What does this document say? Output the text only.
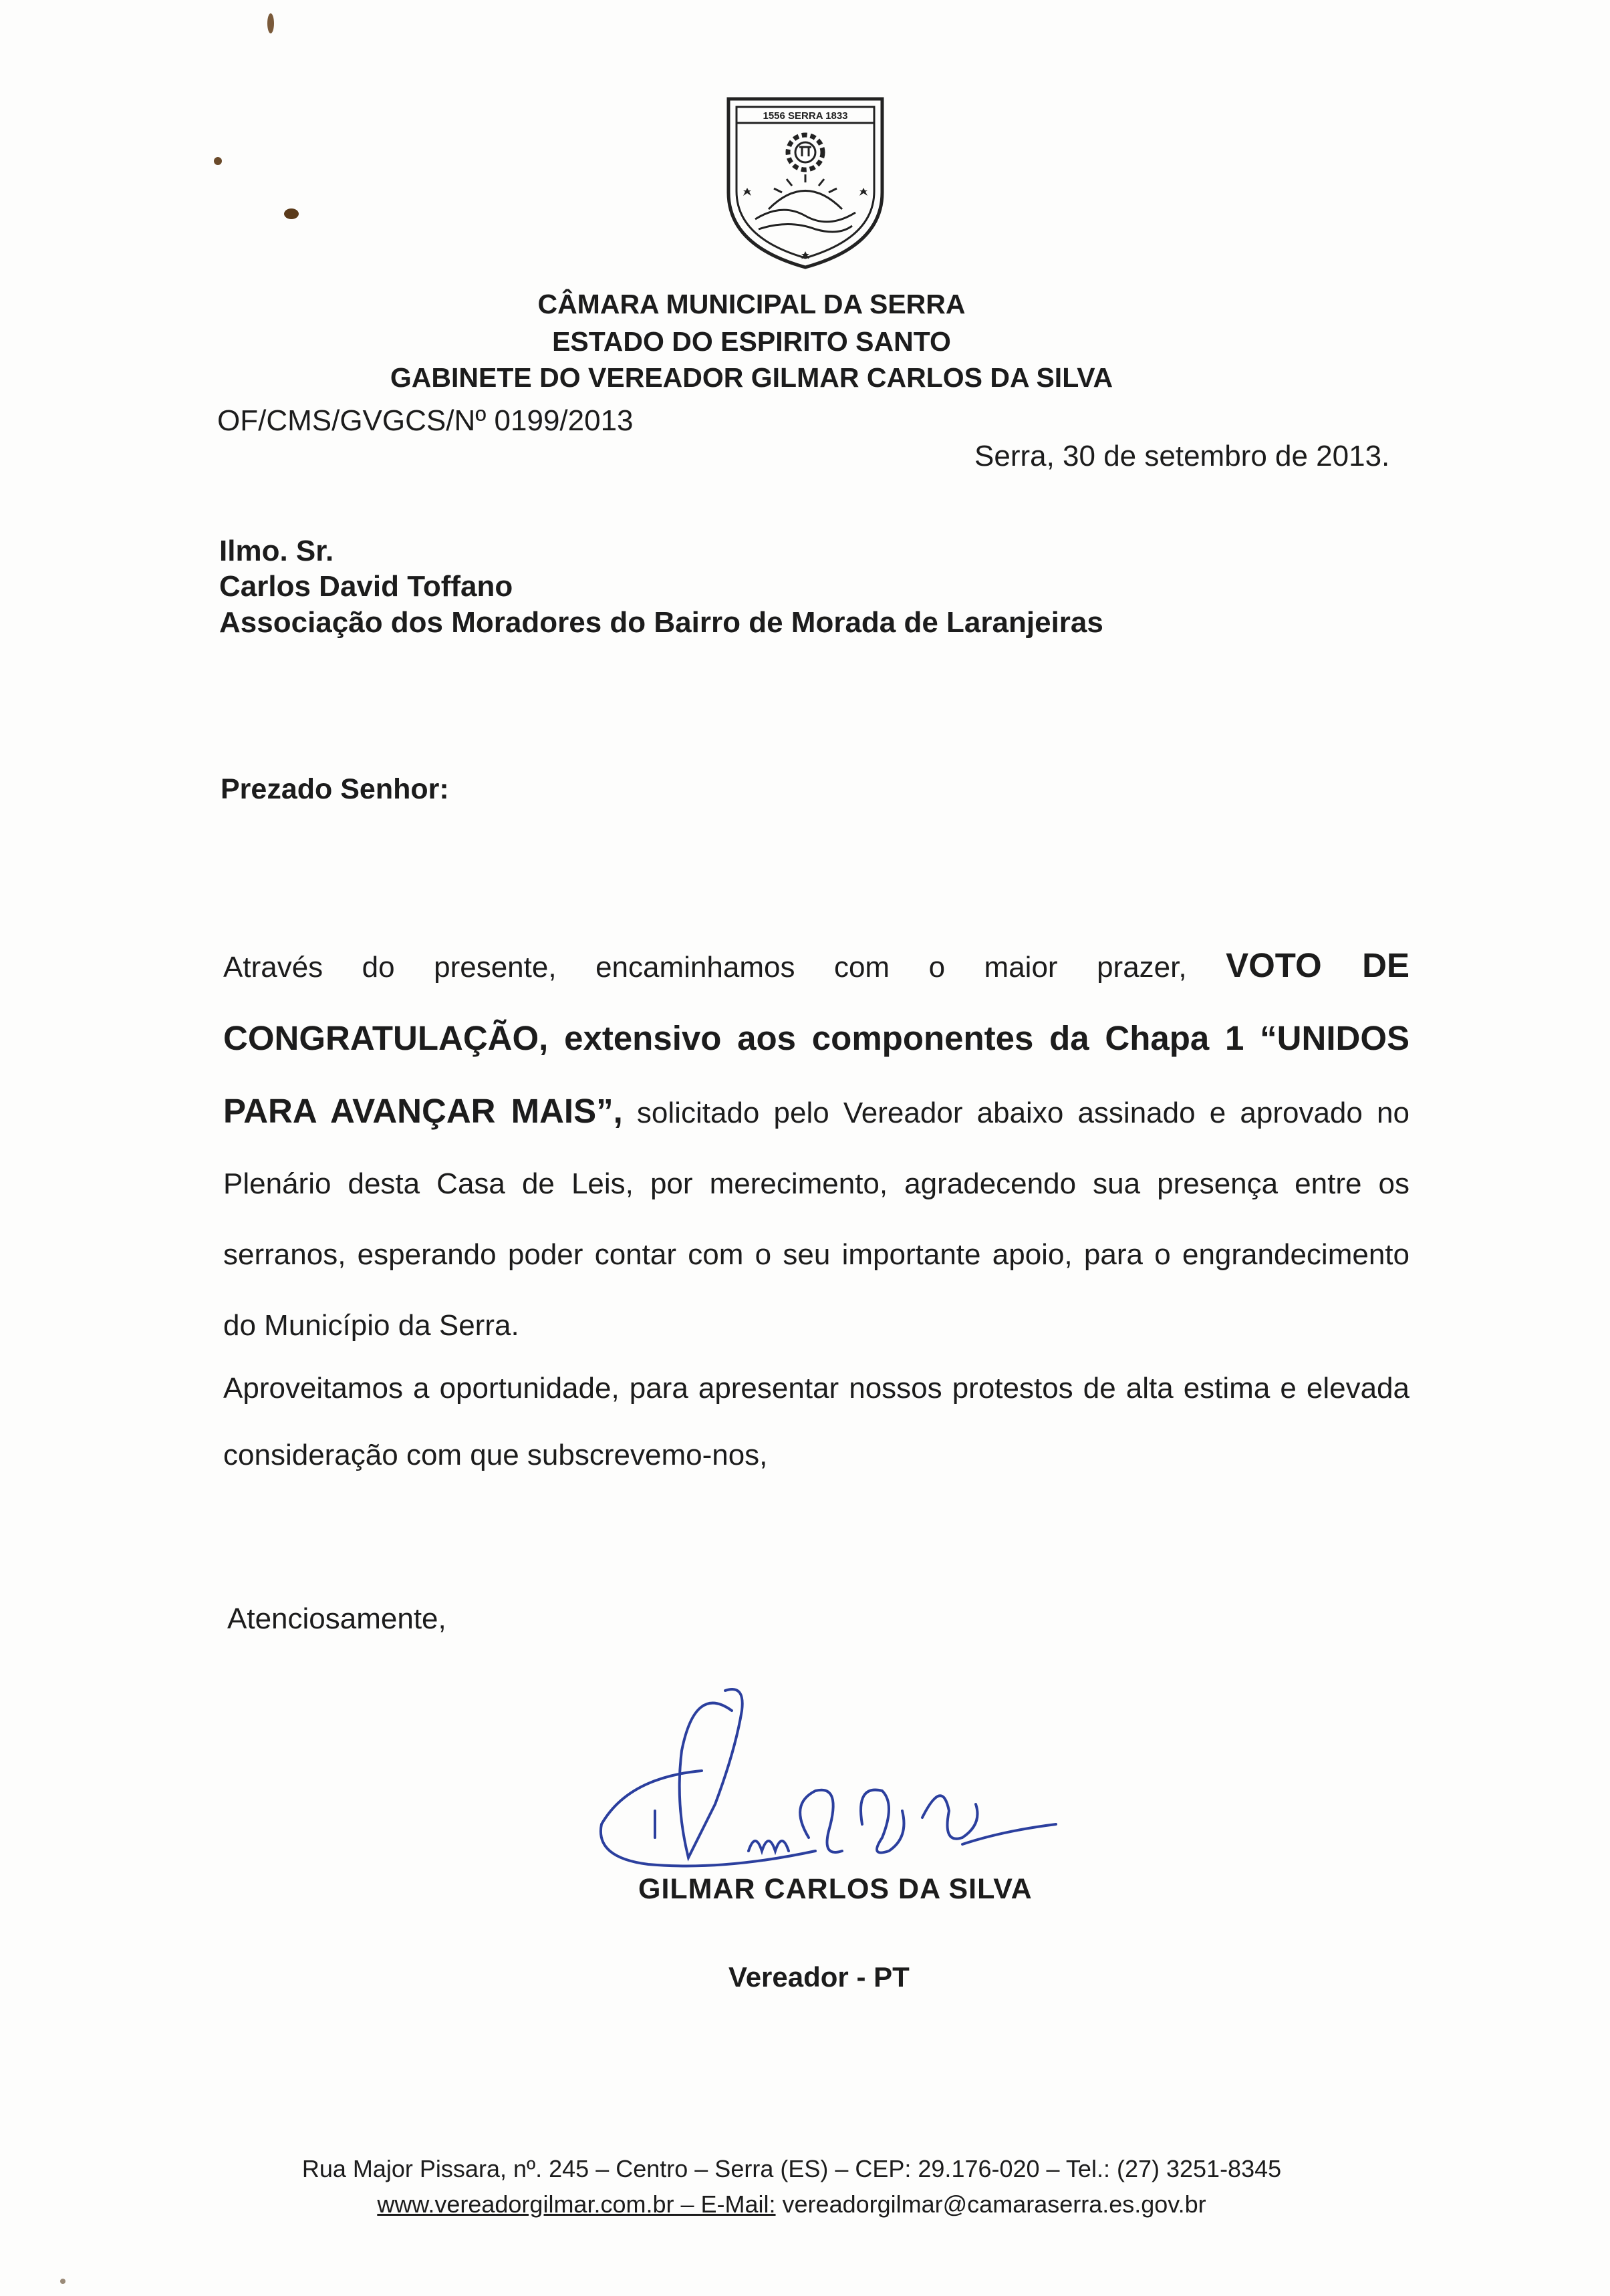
1556 SERRA 1833
CÂMARA MUNICIPAL DA SERRA
ESTADO DO ESPIRITO SANTO
GABINETE DO VEREADOR GILMAR CARLOS DA SILVA
OF/CMS/GVGCS/Nº 0199/2013
Serra, 30 de setembro de 2013.
Ilmo. Sr.
Carlos David Toffano
Associação dos Moradores do Bairro de Morada de Laranjeiras
Prezado Senhor:
Através do presente, encaminhamos com o maior prazer, VOTO DE CONGRATULAÇÃO, extensivo aos componentes da Chapa 1 “UNIDOS PARA AVANÇAR MAIS”, solicitado pelo Vereador abaixo assinado e aprovado no Plenário desta Casa de Leis, por merecimento, agradecendo sua presença entre os serranos, esperando poder contar com o seu importante apoio, para o engrandecimento do Município da Serra.
Aproveitamos a oportunidade, para apresentar nossos protestos de alta estima e elevada consideração com que subscrevemo-nos,
Atenciosamente,
GILMAR CARLOS DA SILVA
Vereador - PT
Rua Major Pissara, nº. 245 – Centro – Serra (ES) – CEP: 29.176-020 – Tel.: (27) 3251-8345
www.vereadorgilmar.com.br – E-Mail: vereadorgilmar@camaraserra.es.gov.br
